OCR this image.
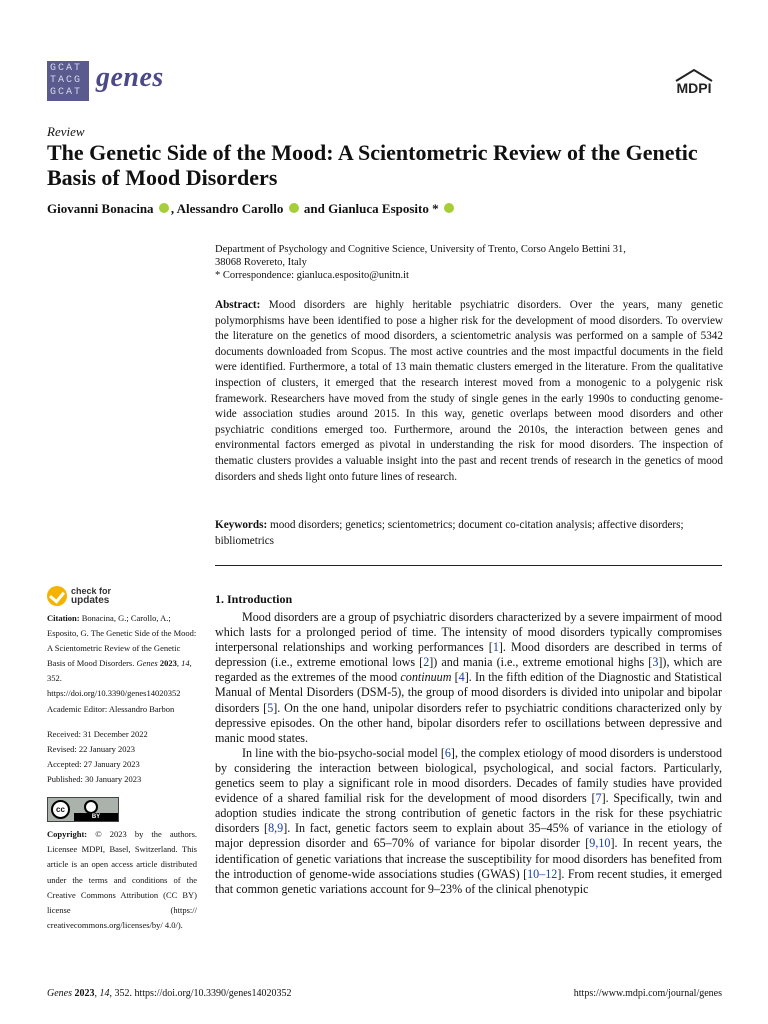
GCAT
TACG
GCAT genes	MDPI
Review
The Genetic Side of the Mood: A Scientometric Review of the Genetic Basis of Mood Disorders
Giovanni Bonacina , Alessandro Carollo and Gianluca Esposito *
Department of Psychology and Cognitive Science, University of Trento, Corso Angelo Bettini 31,
38068 Rovereto, Italy
* Correspondence: gianluca.esposito@unitn.it
Abstract: Mood disorders are highly heritable psychiatric disorders. Over the years, many genetic polymorphisms have been identified to pose a higher risk for the development of mood disorders. To overview the literature on the genetics of mood disorders, a scientometric analysis was performed on a sample of 5342 documents downloaded from Scopus. The most active countries and the most impactful documents in the field were identified. Furthermore, a total of 13 main thematic clusters emerged in the literature. From the qualitative inspection of clusters, it emerged that the research interest moved from a monogenic to a polygenic risk framework. Researchers have moved from the study of single genes in the early 1990s to conducting genome-wide association studies around 2015. In this way, genetic overlaps between mood disorders and other psychiatric conditions emerged too. Furthermore, around the 2010s, the interaction between genes and environmental factors emerged as pivotal in understanding the risk for mood disorders. The inspection of thematic clusters provides a valuable insight into the past and recent trends of research in the genetics of mood disorders and sheds light onto future lines of research.
Keywords: mood disorders; genetics; scientometrics; document co-citation analysis; affective disorders; bibliometrics
check for
updates
Citation: Bonacina, G.; Carollo, A.; Esposito, G. The Genetic Side of the Mood: A Scientometric Review of the Genetic Basis of Mood Disorders. Genes 2023, 14, 352. https://doi.org/10.3390/genes14020352
Academic Editor: Alessandro Barbon
Received: 31 December 2022
Revised: 22 January 2023
Accepted: 27 January 2023
Published: 30 January 2023
cc
BY
Copyright: © 2023 by the authors. Licensee MDPI, Basel, Switzerland. This article is an open access article distributed under the terms and conditions of the Creative Commons Attribution (CC BY) license (https:// creativecommons.org/licenses/by/ 4.0/).
1. Introduction

Mood disorders are a group of psychiatric disorders characterized by a severe impairment of mood which lasts for a prolonged period of time. The intensity of mood disorders typically compromises interpersonal relationships and working performances [1]. Mood disorders are described in terms of depression (i.e., extreme emotional lows [2]) and mania (i.e., extreme emotional highs [3]), which are regarded as the extremes of the mood continuum [4]. In the fifth edition of the Diagnostic and Statistical Manual of Mental Disorders (DSM-5), the group of mood disorders is divided into unipolar and bipolar disorders [5]. On the one hand, unipolar disorders refer to psychiatric conditions characterized only by depressive episodes. On the other hand, bipolar disorders refer to oscillations between depressive and manic mood states.

In line with the bio-psycho-social model [6], the complex etiology of mood disorders is understood by considering the interaction between biological, psychological, and social factors. Particularly, genetics seem to play a significant role in mood disorders. Decades of family studies have provided evidence of a shared familial risk for the development of mood disorders [7]. Specifically, twin and adoption studies indicate the strong contribution of genetic factors in the risk for these psychiatric disorders [8,9]. In fact, genetic factors seem to explain about 35–45% of variance in the etiology of major depression disorder and 65–70% of variance for bipolar disorder [9,10]. In recent years, the identification of genetic variations that increase the susceptibility for mood disorders has benefited from the introduction of genome-wide associations studies (GWAS) [10–12]. From recent studies, it emerged that common genetic variations account for 9–23% of the clinical phenotypic

Genes 2023, 14, 352. https://doi.org/10.3390/genes14020352	https://www.mdpi.com/journal/genes
